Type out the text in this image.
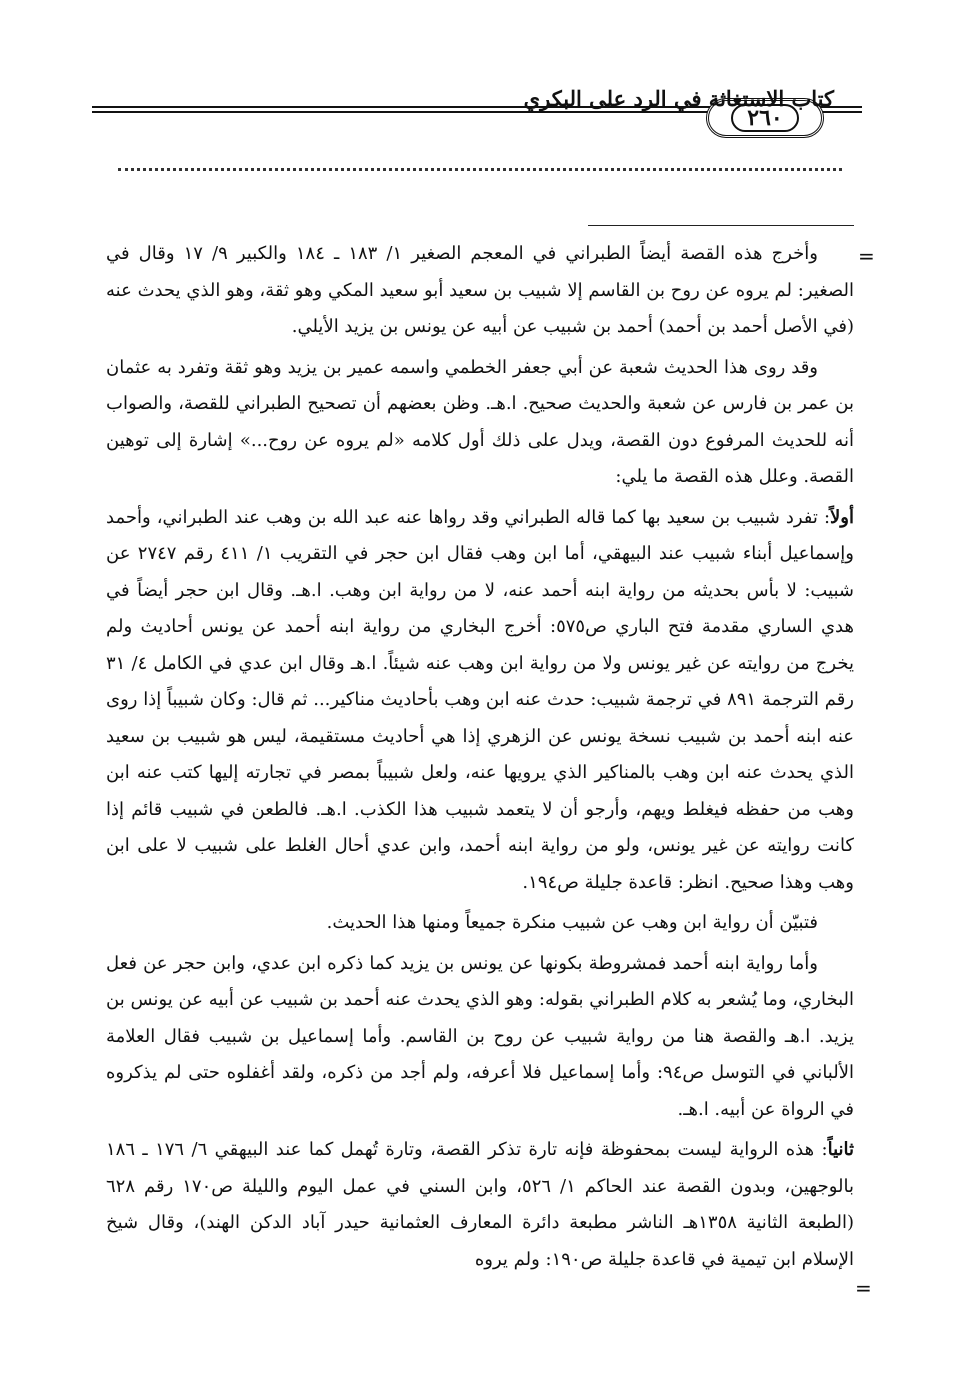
٢٦٠
كتاب الاستغاثة في الرد على البكري
=
=

وأخرج هذه القصة أيضاً الطبراني في المعجم الصغير ١/ ١٨٣ ـ ١٨٤ والكبير ٩/ ١٧ وقال في الصغير: لم يروه عن روح بن القاسم إلا شبيب بن سعيد أبو سعيد المكي وهو ثقة، وهو الذي يحدث عنه (في الأصل أحمد بن أحمد) أحمد بن شبيب عن أبيه عن يونس بن يزيد الأيلي.

وقد روى هذا الحديث شعبة عن أبي جعفر الخطمي واسمه عمير بن يزيد وهو ثقة وتفرد به عثمان بن عمر بن فارس عن شعبة والحديث صحيح. ا.هـ. وظن بعضهم أن تصحيح الطبراني للقصة، والصواب أنه للحديث المرفوع دون القصة، ويدل على ذلك أول كلامه «لم يروه عن روح...» إشارة إلى توهين القصة. وعلل هذه القصة ما يلي:

أولاً: تفرد شبيب بن سعيد بها كما قاله الطبراني وقد رواها عنه عبد الله بن وهب عند الطبراني، وأحمد وإسماعيل أبناء شبيب عند البيهقي، أما ابن وهب فقال ابن حجر في التقريب ١/ ٤١١ رقم ٢٧٤٧ عن شبيب: لا بأس بحديثه من رواية ابنه أحمد عنه، لا من رواية ابن وهب. ا.هـ. وقال ابن حجر أيضاً في هدي الساري مقدمة فتح الباري ص٥٧٥: أخرج البخاري من رواية ابنه أحمد عن يونس أحاديث ولم يخرج من روايته عن غير يونس ولا من رواية ابن وهب عنه شيئاً. ا.هـ وقال ابن عدي في الكامل ٤/ ٣١ رقم الترجمة ٨٩١ في ترجمة شبيب: حدث عنه ابن وهب بأحاديث مناكير... ثم قال: وكان شبيباً إذا روى عنه ابنه أحمد بن شبيب نسخة يونس عن الزهري إذا هي أحاديث مستقيمة، ليس هو شبيب بن سعيد الذي يحدث عنه ابن وهب بالمناكير الذي يرويها عنه، ولعل شبيباً بمصر في تجارته إليها كتب عنه ابن وهب من حفظه فيغلط ويهم، وأرجو أن لا يتعمد شبيب هذا الكذب. ا.هـ. فالطعن في شبيب قائم إذا كانت روايته عن غير يونس، ولو من رواية ابنه أحمد، وابن عدي أحال الغلط على شبيب لا على ابن وهب وهذا صحيح. انظر: قاعدة جليلة ص١٩٤.

فتبيّن أن رواية ابن وهب عن شبيب منكرة جميعاً ومنها هذا الحديث.

وأما رواية ابنه أحمد فمشروطة بكونها عن يونس بن يزيد كما ذكره ابن عدي، وابن حجر عن فعل البخاري، وما يُشعر به كلام الطبراني بقوله: وهو الذي يحدث عنه أحمد بن شبيب عن أبيه عن يونس بن يزيد. ا.هـ والقصة هنا من رواية شبيب عن روح بن القاسم. وأما إسماعيل بن شبيب فقال العلامة الألباني في التوسل ص٩٤: وأما إسماعيل فلا أعرفه، ولم أجد من ذكره، ولقد أغفلوه حتى لم يذكروه في الرواة عن أبيه. ا.هـ.

ثانياً: هذه الرواية ليست بمحفوظة فإنه تارة تذكر القصة، وتارة تُهمل كما عند البيهقي ٦/ ١٧٦ ـ ١٨٦ بالوجهين، وبدون القصة عند الحاكم ١/ ٥٢٦، وابن السني في عمل اليوم والليلة ص١٧٠ رقم ٦٢٨ (الطبعة الثانية ١٣٥٨هـ الناشر مطبعة دائرة المعارف العثمانية حيدر آباد الدكن الهند)، وقال شيخ الإسلام ابن تيمية في قاعدة جليلة ص١٩٠: ولم يروه
